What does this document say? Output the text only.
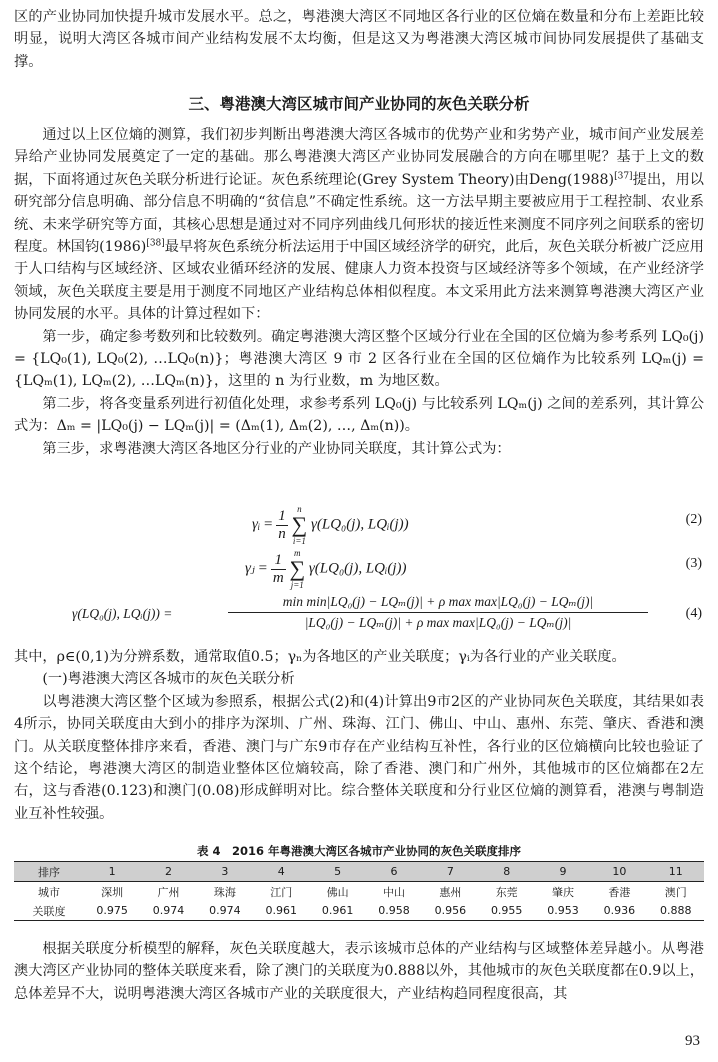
区的产业协同加快提升城市发展水平。总之，粤港澳大湾区不同地区各行业的区位熵在数量和分布上差距比较明显，说明大湾区各城市间产业结构发展不太均衡，但是这又为粤港澳大湾区城市间协同发展提供了基础支撑。

三、粤港澳大湾区城市间产业协同的灰色关联分析

通过以上区位熵的测算，我们初步判断出粤港澳大湾区各城市的优势产业和劣势产业，城市间产业发展差异给产业协同发展奠定了一定的基础。那么粤港澳大湾区产业协同发展融合的方向在哪里呢？基于上文的数据，下面将通过灰色关联分析进行论证。灰色系统理论(Grey System Theory)由Deng(1988)[37]提出，用以研究部分信息明确、部分信息不明确的“贫信息”不确定性系统。这一方法早期主要被应用于工程控制、农业系统、未来学研究等方面，其核心思想是通过对不同序列曲线几何形状的接近性来测度不同序列之间联系的密切程度。林国钧(1986)[38]最早将灰色系统分析法运用于中国区域经济学的研究，此后，灰色关联分析被广泛应用于人口结构与区域经济、区域农业循环经济的发展、健康人力资本投资与区域经济等多个领域，在产业经济学领域，灰色关联度主要是用于测度不同地区产业结构总体相似程度。本文采用此方法来测算粤港澳大湾区产业协同发展的水平。具体的计算过程如下：

第一步，确定参考数列和比较数列。确定粤港澳大湾区整个区域分行业在全国的区位熵为参考系列 LQ₀(j) = {LQ₀(1), LQ₀(2), …LQ₀(n)}；粤港澳大湾区 9 市 2 区各行业在全国的区位熵作为比较系列 LQₘ(j) = {LQₘ(1), LQₘ(2), …LQₘ(n)}，这里的 n 为行业数，m 为地区数。

第二步，将各变量系列进行初值化处理，求参考系列 LQ₀(j) 与比较系列 LQₘ(j) 之间的差系列，其计算公式为：Δₘ = |LQ₀(j) − LQₘ(j)| = (Δₘ(1), Δₘ(2), …, Δₘ(n))。

第三步，求粤港澳大湾区各地区分行业的产业协同关联度，其计算公式为：

γᵢ = $\frac{1}{n}$
	n
∑
i=1
γ(LQ₀(j), LQᵢ(j))	(2)
γⱼ = $\frac{1}{m}$
m
∑
j=1
γ(LQ₀(j), LQᵢ(j))	(3)
γ(LQ₀(j), LQᵢ(j)) =
min min|LQ₀(j) − LQₘ(j)| + ρ max max|LQ₀(j) − LQₘ(j)|
|LQ₀(j) − LQₘ(j)| + ρ max max|LQ₀(j) − LQₘ(j)|
(4)

其中，ρ∈(0,1)为分辨系数，通常取值0.5；γₙ为各地区的产业关联度；γᵢ为各行业的产业关联度。

(一)粤港澳大湾区各城市的灰色关联分析

以粤港澳大湾区整个区域为参照系，根据公式(2)和(4)计算出9市2区的产业协同灰色关联度，其结果如表4所示，协同关联度由大到小的排序为深圳、广州、珠海、江门、佛山、中山、惠州、东莞、肇庆、香港和澳门。从关联度整体排序来看，香港、澳门与广东9市存在产业结构互补性，各行业的区位熵横向比较也验证了这个结论，粤港澳大湾区的制造业整体区位熵较高，除了香港、澳门和广州外，其他城市的区位熵都在2左右，这与香港(0.123)和澳门(0.08)形成鲜明对比。综合整体关联度和分行业区位熵的测算看，港澳与粤制造业互补性较强。

表 4　2016 年粤港澳大湾区各城市产业协同的灰色关联度排序
排序	1	2	3	4	5	6	7	8	9	10	11
城市	深圳	广州	珠海	江门	佛山	中山	惠州	东莞	肇庆	香港	澳门
关联度	0.975	0.974	0.974	0.961	0.961	0.958	0.956	0.955	0.953	0.936	0.888

根据关联度分析模型的解释，灰色关联度越大，表示该城市总体的产业结构与区域整体差异越小。从粤港澳大湾区产业协同的整体关联度来看，除了澳门的关联度为0.888以外，其他城市的灰色关联度都在0.9以上，总体差异不大，说明粤港澳大湾区各城市产业的关联度很大，产业结构趋同程度很高，其

93
